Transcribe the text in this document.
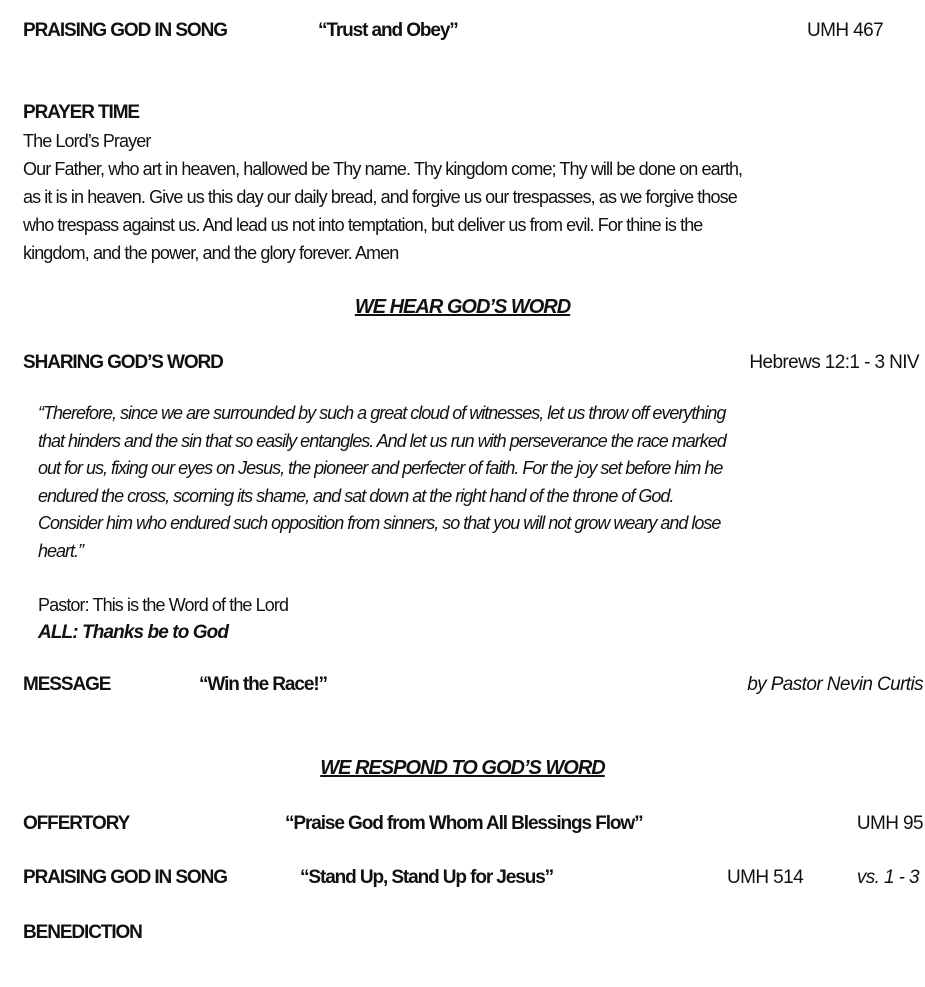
PRAISING GOD IN SONG	“Trust and Obey”	UMH 467
PRAYER TIME
The Lord’s Prayer
Our Father, who art in heaven, hallowed be Thy name. Thy kingdom come; Thy will be done on earth,
as it is in heaven. Give us this day our daily bread, and forgive us our trespasses, as we forgive those
who trespass against us. And lead us not into temptation, but deliver us from evil. For thine is the
kingdom, and the power, and the glory forever. Amen
WE HEAR GOD’S WORD
SHARING GOD’S WORD	Hebrews 12:1 - 3 NIV
“Therefore, since we are surrounded by such a great cloud of witnesses, let us throw off everything
that hinders and the sin that so easily entangles. And let us run with perseverance the race marked
out for us, fixing our eyes on Jesus, the pioneer and perfecter of faith. For the joy set before him he
endured the cross, scorning its shame, and sat down at the right hand of the throne of God.
Consider him who endured such opposition from sinners, so that you will not grow weary and lose
heart.”
Pastor: This is the Word of the Lord
ALL: Thanks be to God
MESSAGE	“Win the Race!”	by Pastor Nevin Curtis
WE RESPOND TO GOD’S WORD
OFFERTORY	“Praise God from Whom All Blessings Flow”	UMH 95
PRAISING GOD IN SONG	“Stand Up, Stand Up for Jesus”	UMH 514	vs. 1 - 3
BENEDICTION
